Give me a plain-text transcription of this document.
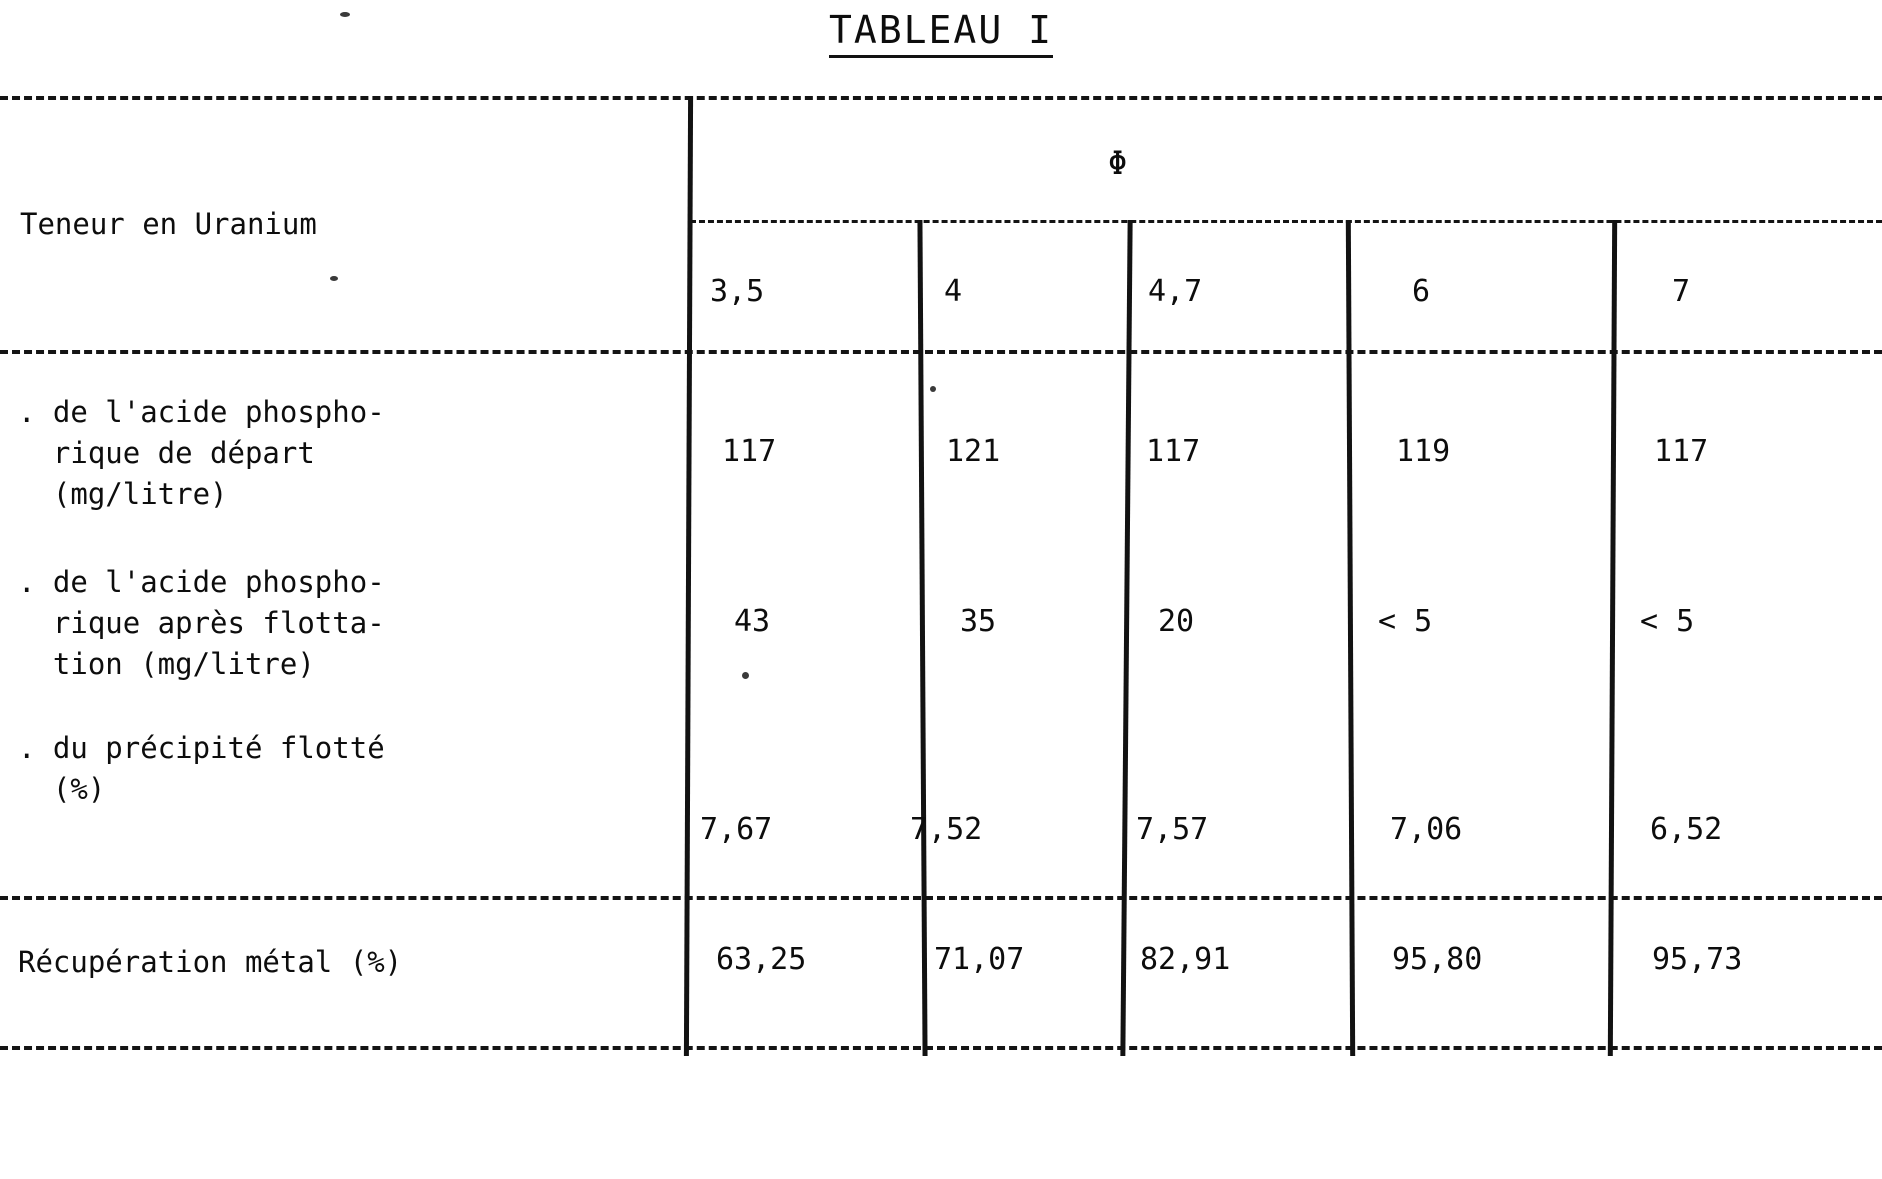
TABLEAU I
Teneur en Uranium
Φ
3,5	4	4,7	6	7
. de l'acide phospho-
rique de départ
(mg/litre)
117	121	117	119	117
. de l'acide phospho-
rique après flotta-
tion (mg/litre)
43	35	20	< 5	< 5
. du précipité flotté
(%)
7,67	7,52	7,57	7,06	6,52
Récupération métal (%)	63,25	71,07	82,91	95,80	95,73
